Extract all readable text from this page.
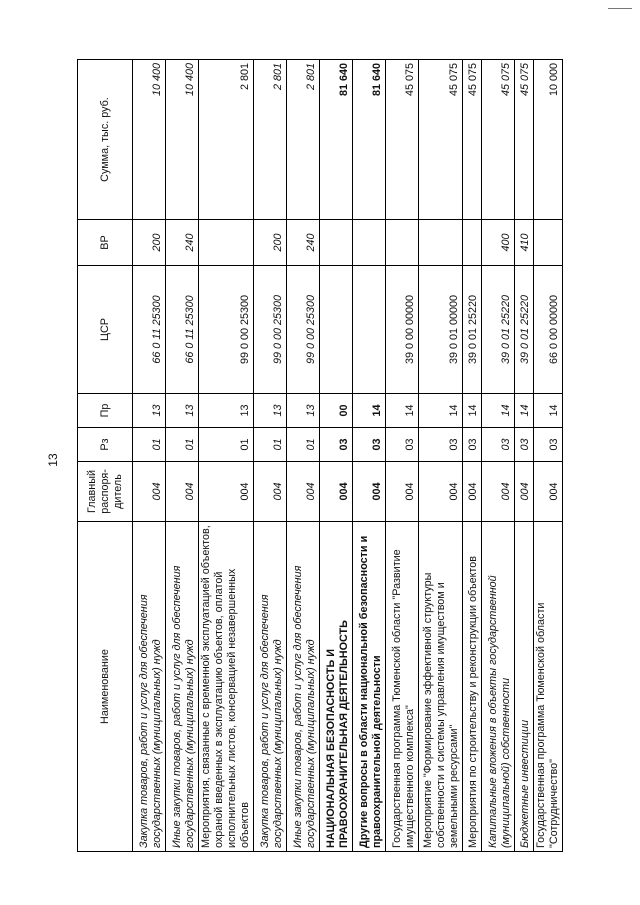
13
Наименование	Главный распоря-дитель	Рз	Пр	ЦСР	ВР	Сумма, тыс. руб.
Закупка товаров, работ и услуг для обеспечения государственных (муниципальных) нужд	004	01	13	66 0 11 25300	200	10 400
Иные закупки товаров, работ и услуг для обеспечения государственных (муниципальных) нужд	004	01	13	66 0 11 25300	240	10 400
Мероприятия, связанные с временной эксплуатацией объектов, охраной введенных в эксплуатацию объектов, оплатой исполнительных листов, консервацией незавершенных объектов	004	01	13	99 0 00 25300		2 801
Закупка товаров, работ и услуг для обеспечения государственных (муниципальных) нужд	004	01	13	99 0 00 25300	200	2 801
Иные закупки товаров, работ и услуг для обеспечения государственных (муниципальных) нужд	004	01	13	99 0 00 25300	240	2 801
НАЦИОНАЛЬНАЯ БЕЗОПАСНОСТЬ И ПРАВООХРАНИТЕЛЬНАЯ ДЕЯТЕЛЬНОСТЬ	004	03	00			81 640
Другие вопросы в области национальной безопасности и правоохранительной деятельности	004	03	14			81 640
Государственная программа Тюменской области "Развитие имущественного комплекса"	004	03	14	39 0 00 00000		45 075
Мероприятие "Формирование эффективной структуры собственности и системы управления имуществом и земельными ресурсами"	004	03	14	39 0 01 00000		45 075
Мероприятия по строительству и реконструкции объектов	004	03	14	39 0 01 25220		45 075
Капитальные вложения в объекты государственной (муниципальной) собственности	004	03	14	39 0 01 25220	400	45 075
Бюджетные инвестиции	004	03	14	39 0 01 25220	410	45 075
Государственная программа Тюменской области "Сотрудничество"	004	03	14	66 0 00 00000		10 000
